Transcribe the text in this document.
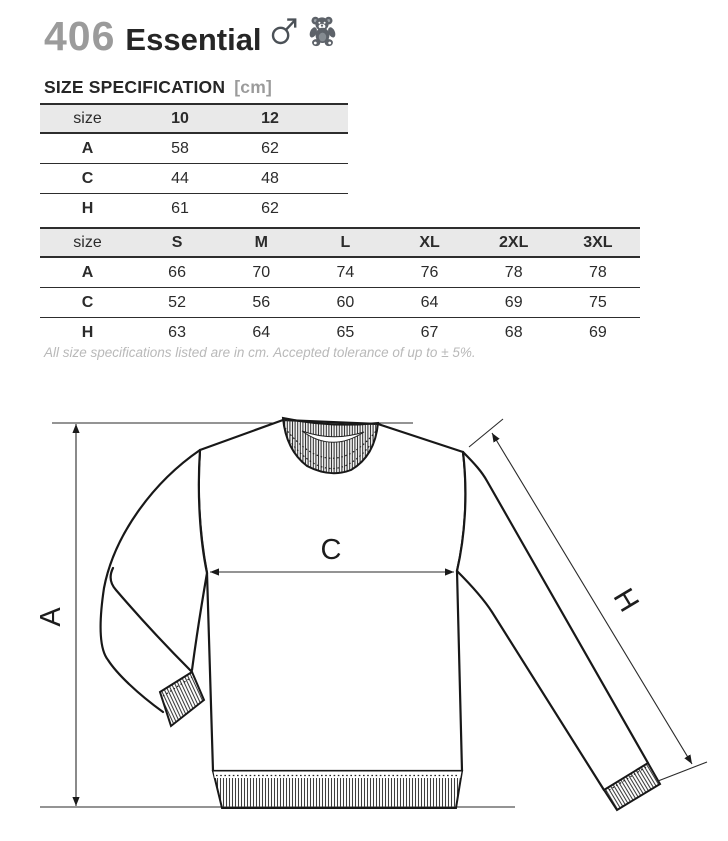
406 Essential
SIZE SPECIFICATION [cm]
size	10	12	
A	58	62	
C	44	48	
H	61	62	
size	S	M	L	XL	2XL	3XL
A	66	70	74	76	78	78
C	52	56	60	64	69	75
H	63	64	65	67	68	69
All size specifications listed are in cm. Accepted tolerance of up to ± 5%.
A
C
H
